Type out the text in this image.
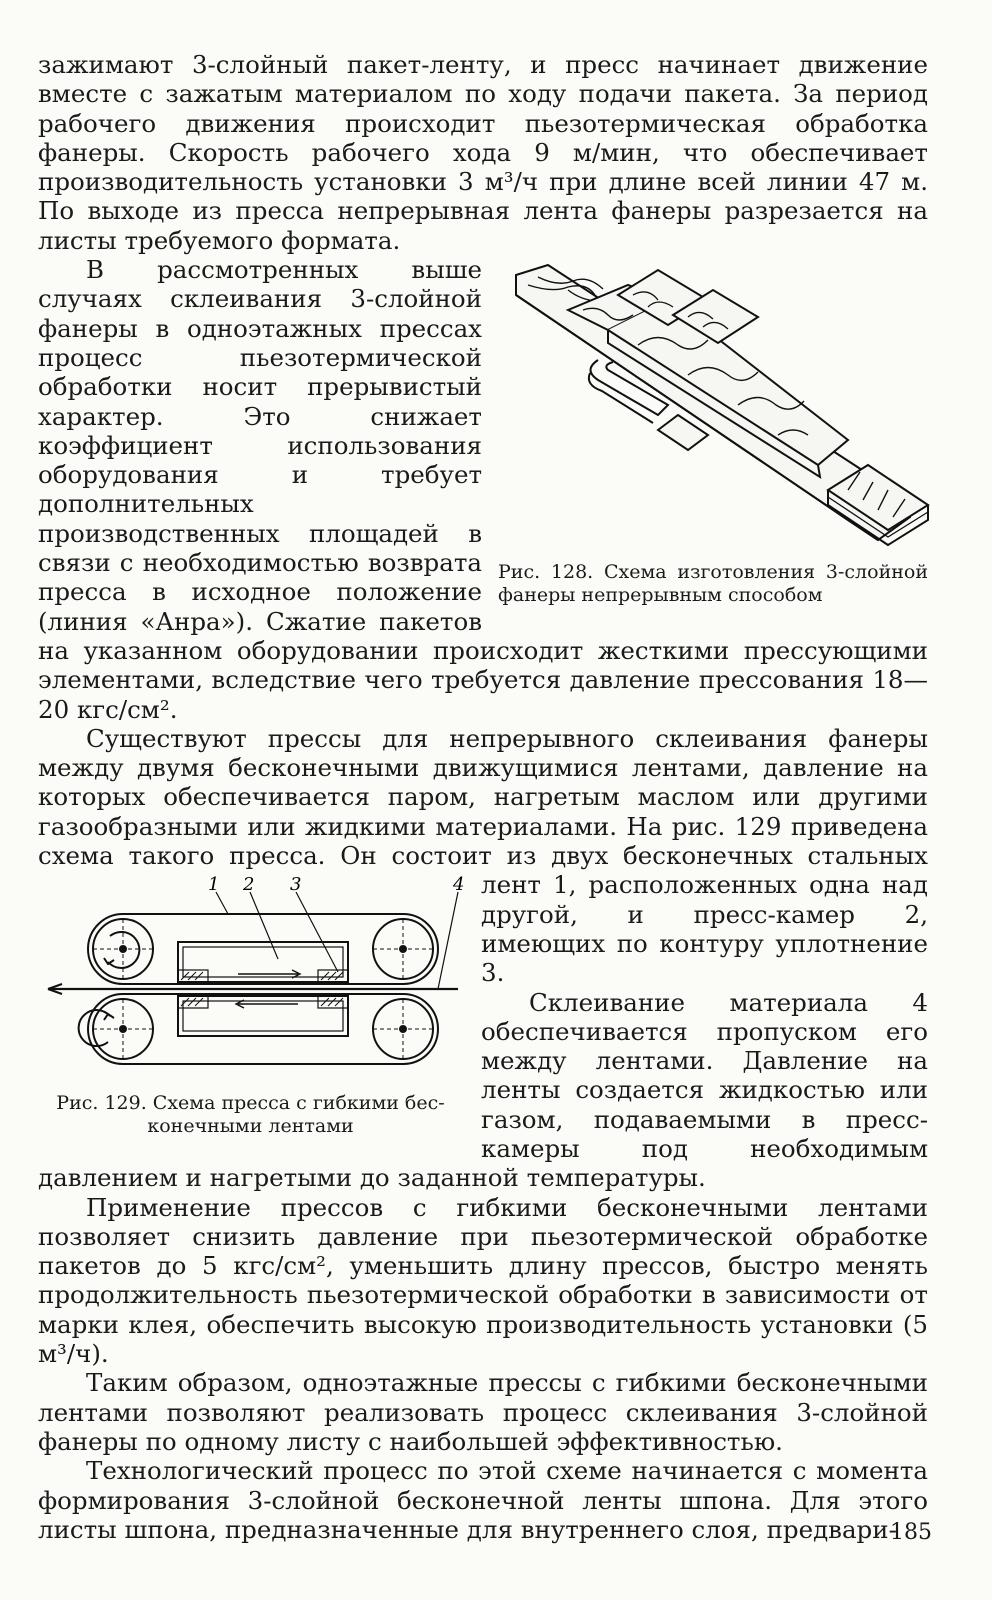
зажимают 3-слойный пакет-ленту, и пресс начинает движение вместе с зажатым материалом по ходу подачи пакета. За период рабочего движения происходит пьезотермическая обработка фанеры. Скорость рабочего хода 9 м/мин, что обеспечивает производительность установки 3 м³/ч при длине всей линии 47 м. По выходе из пресса непрерывная лента фанеры разрезается на листы требуемого формата.

Рис. 128. Схема изготовления 3-слойной фанеры непрерывным способом

В рассмотренных выше случаях склеивания 3-слойной фанеры в одноэтажных прессах процесс пьезотермической обработки носит прерывистый характер. Это снижает коэффициент использования оборудования и требует дополнительных производственных площадей в связи с необходимостью возврата пресса в исходное положение (линия «Анра»). Сжатие пакетов на указанном оборудовании происходит жесткими прессующими элементами, вследствие чего требуется давление прессования 18—20 кгс/см².

Существуют прессы для непрерывного склеивания фанеры между двумя бесконечными движущимися лентами, давление на которых обеспечивается паром, нагретым маслом или другими газообразными или жидкими материалами. На рис. 129 приведена схема такого пресса. Он состоит из двух бесконечных стальных

1 2 3	4
Рис. 129. Схема пресса с гибкими бес-
конечными лентами

лент 1, расположенных одна над другой, и пресс-камер 2, имеющих по контуру уплотнение 3.

Склеивание материала 4 обеспечивается пропуском его между лентами. Давление на ленты создается жидкостью или газом, подаваемыми в пресс-камеры под необходимым давлением и нагретыми до заданной температуры.

Применение прессов с гибкими бесконечными лентами позволяет снизить давление при пьезотермической обработке пакетов до 5 кгс/см², уменьшить длину прессов, быстро менять продолжительность пьезотермической обработки в зависимости от марки клея, обеспечить высокую производительность установки (5 м³/ч).

Таким образом, одноэтажные прессы с гибкими бесконечными лентами позволяют реализовать процесс склеивания 3-слойной фанеры по одному листу с наибольшей эффективностью.

Технологический процесс по этой схеме начинается с момента формирования 3-слойной бесконечной ленты шпона. Для этого листы шпона, предназначенные для внутреннего слоя, предвари-

185
